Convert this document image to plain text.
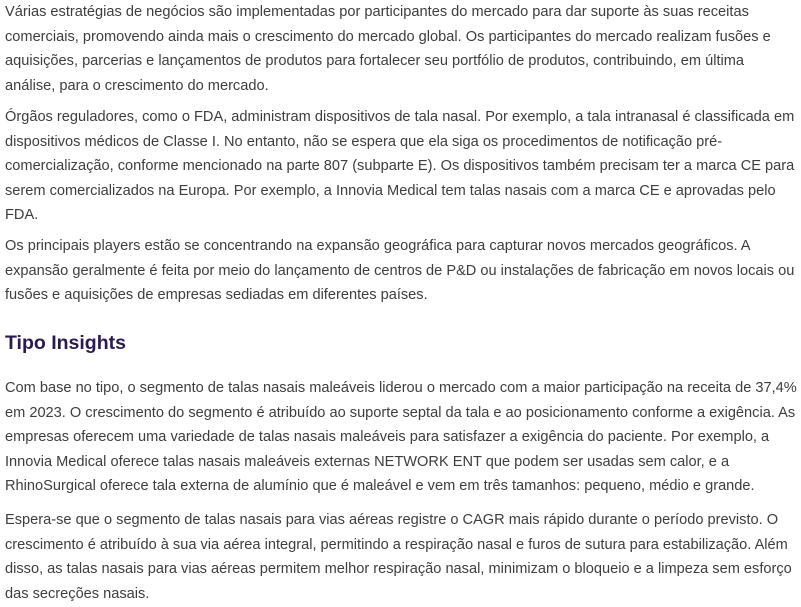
Várias estratégias de negócios são implementadas por participantes do mercado para dar suporte às suas receitas comerciais, promovendo ainda mais o crescimento do mercado global. Os participantes do mercado realizam fusões e aquisições, parcerias e lançamentos de produtos para fortalecer seu portfólio de produtos, contribuindo, em última análise, para o crescimento do mercado.

Órgãos reguladores, como o FDA, administram dispositivos de tala nasal. Por exemplo, a tala intranasal é classificada em dispositivos médicos de Classe I. No entanto, não se espera que ela siga os procedimentos de notificação pré-comercialização, conforme mencionado na parte 807 (subparte E). Os dispositivos também precisam ter a marca CE para serem comercializados na Europa. Por exemplo, a Innovia Medical tem talas nasais com a marca CE e aprovadas pelo FDA.

Os principais players estão se concentrando na expansão geográfica para capturar novos mercados geográficos. A expansão geralmente é feita por meio do lançamento de centros de P&D ou instalações de fabricação em novos locais ou fusões e aquisições de empresas sediadas em diferentes países.

Tipo Insights

Com base no tipo, o segmento de talas nasais maleáveis liderou o mercado com a maior participação na receita de 37,4% em 2023. O crescimento do segmento é atribuído ao suporte septal da tala e ao posicionamento conforme a exigência. As empresas oferecem uma variedade de talas nasais maleáveis para satisfazer a exigência do paciente. Por exemplo, a Innovia Medical oferece talas nasais maleáveis externas NETWORK ENT que podem ser usadas sem calor, e a RhinoSurgical oferece tala externa de alumínio que é maleável e vem em três tamanhos: pequeno, médio e grande.

Espera-se que o segmento de talas nasais para vias aéreas registre o CAGR mais rápido durante o período previsto. O crescimento é atribuído à sua via aérea integral, permitindo a respiração nasal e furos de sutura para estabilização. Além disso, as talas nasais para vias aéreas permitem melhor respiração nasal, minimizam o bloqueio e a limpeza sem esforço das secreções nasais.
